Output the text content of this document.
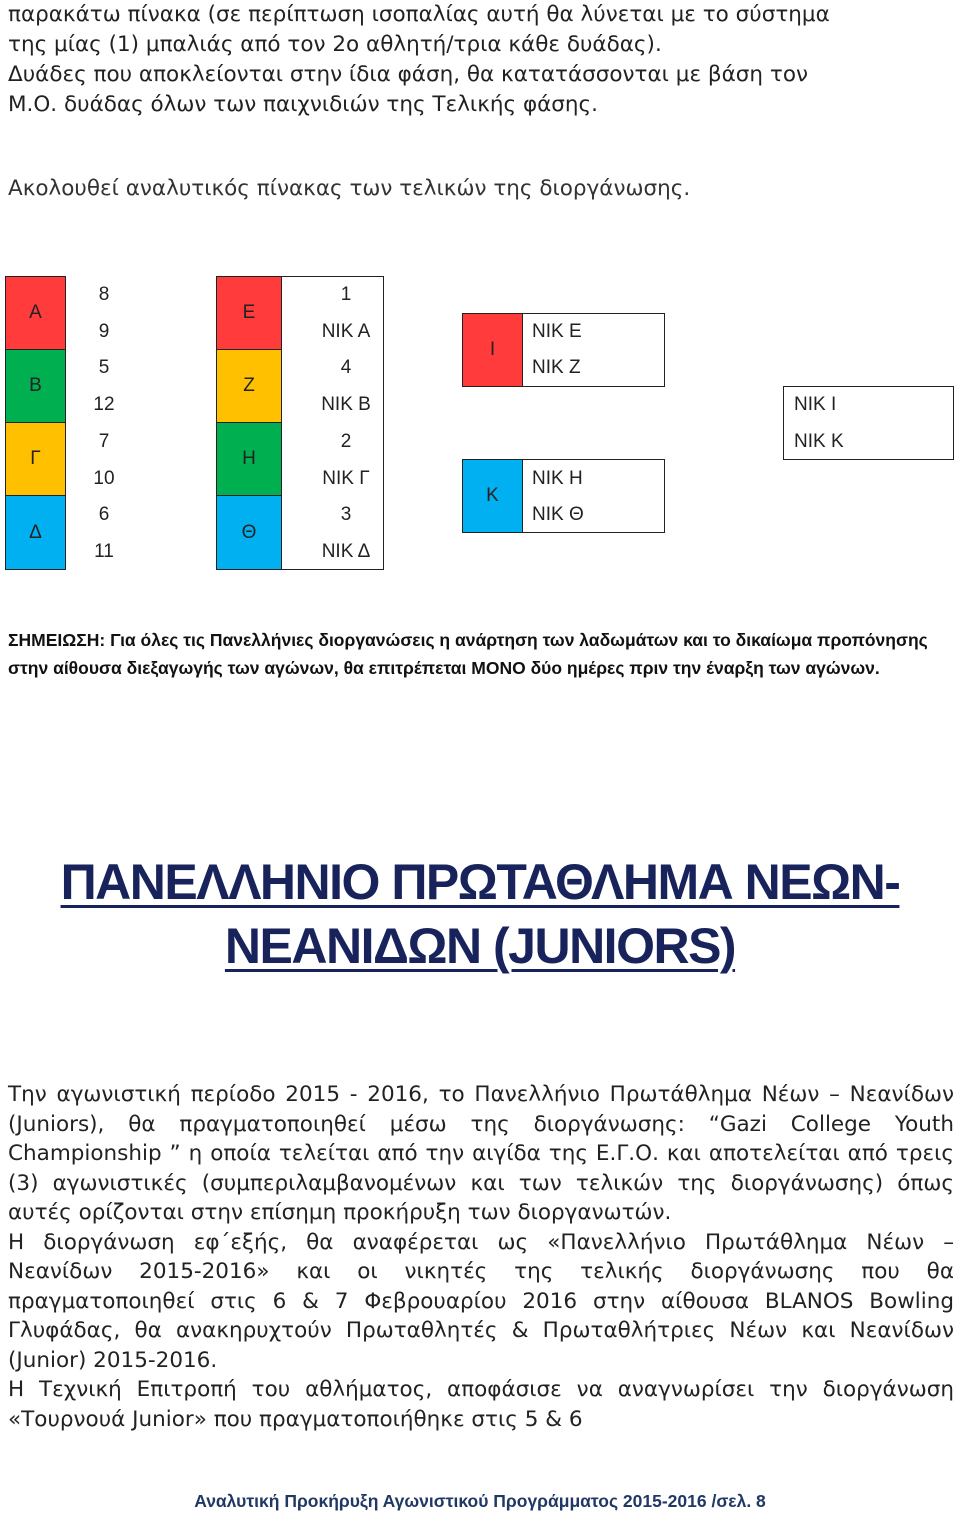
παρακάτω πίνακα (σε περίπτωση ισοπαλίας αυτή θα λύνεται με το σύστημα
της μίας (1) μπαλιάς από τον 2ο αθλητή/τρια κάθε δυάδας).
Δυάδες που αποκλείονται στην ίδια φάση, θα κατατάσσονται με βάση τον
Μ.Ο. δυάδας όλων των παιχνιδιών της Τελικής φάσης.
Ακολουθεί αναλυτικός πίνακας των τελικών της διοργάνωσης.
Α
Β
Γ
Δ
8
9
5
12
7
10
6
11
Ε
Ζ
Η
Θ
1
ΝΙΚ Α
4
ΝΙΚ Β
2
ΝΙΚ Γ
3
ΝΙΚ Δ
Ι
ΝΙΚ Ε
ΝΙΚ Ζ
Κ
ΝΙΚ Η
ΝΙΚ Θ
ΝΙΚ Ι
ΝΙΚ Κ
ΣΗΜΕΙΩΣΗ: Για όλες τις Πανελλήνιες διοργανώσεις η ανάρτηση των λαδωμάτων και το δικαίωμα προπόνησης στην αίθουσα διεξαγωγής των αγώνων, θα επιτρέπεται ΜΟΝΟ δύο ημέρες πριν την έναρξη των αγώνων.
ΠΑΝΕΛΛΗΝΙΟ ΠΡΩΤΑΘΛΗΜΑ ΝΕΩΝ-
ΝΕΑΝΙΔΩΝ (JUNIORS)

Την αγωνιστική περίοδο 2015 - 2016, το Πανελλήνιο Πρωτάθλημα Νέων – Νεανίδων (Juniors), θα πραγματοποιηθεί μέσω της διοργάνωσης: “Gazi College Youth Championship ” η οποία τελείται από την αιγίδα της Ε.Γ.Ο. και αποτελείται από τρεις (3) αγωνιστικές (συμπεριλαμβανομένων και των τελικών της διοργάνωσης) όπως αυτές ορίζονται στην επίσημη προκήρυξη των διοργανωτών.

Η διοργάνωση εφ΄εξής, θα αναφέρεται ως «Πανελλήνιο Πρωτάθλημα Νέων – Νεανίδων 2015-2016» και οι νικητές της τελικής διοργάνωσης που θα πραγματοποιηθεί στις 6 & 7 Φεβρουαρίου 2016 στην αίθουσα BLANOS Bowling Γλυφάδας, θα ανακηρυχτούν Πρωταθλητές & Πρωταθλήτριες Νέων και Νεανίδων (Junior) 2015-2016.

Η Τεχνική Επιτροπή του αθλήματος, αποφάσισε να αναγνωρίσει την διοργάνωση «Τουρνουά Junior» που πραγματοποιήθηκε στις 5 & 6

Αναλυτική Προκήρυξη Αγωνιστικού Προγράμματος 2015-2016 /σελ. 8
